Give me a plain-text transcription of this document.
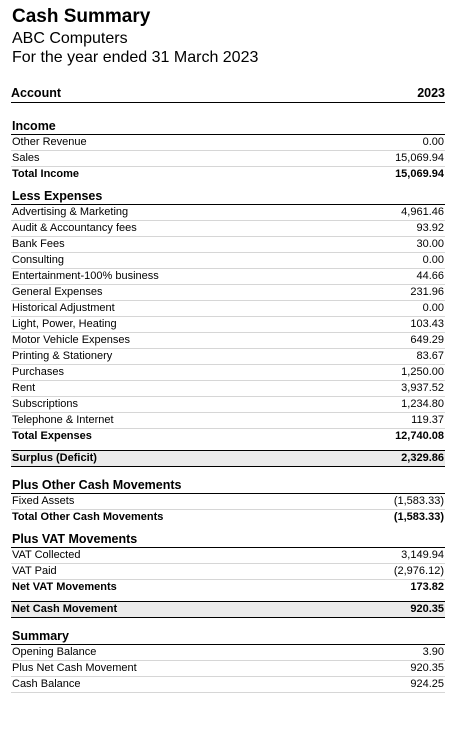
Cash Summary
ABC Computers
For the year ended 31 March 2023
Account	2023
Income
Other Revenue	0.00
Sales	15,069.94
Total Income	15,069.94
Less Expenses
Advertising & Marketing	4,961.46
Audit & Accountancy fees	93.92
Bank Fees	30.00
Consulting	0.00
Entertainment-100% business	44.66
General Expenses	231.96
Historical Adjustment	0.00
Light, Power, Heating	103.43
Motor Vehicle Expenses	649.29
Printing & Stationery	83.67
Purchases	1,250.00
Rent	3,937.52
Subscriptions	1,234.80
Telephone & Internet	119.37
Total Expenses	12,740.08
Surplus (Deficit)	2,329.86
Plus Other Cash Movements
Fixed Assets	(1,583.33)
Total Other Cash Movements	(1,583.33)
Plus VAT Movements
VAT Collected	3,149.94
VAT Paid	(2,976.12)
Net VAT Movements	173.82
Net Cash Movement	920.35
Summary
Opening Balance	3.90
Plus Net Cash Movement	920.35
Cash Balance	924.25
